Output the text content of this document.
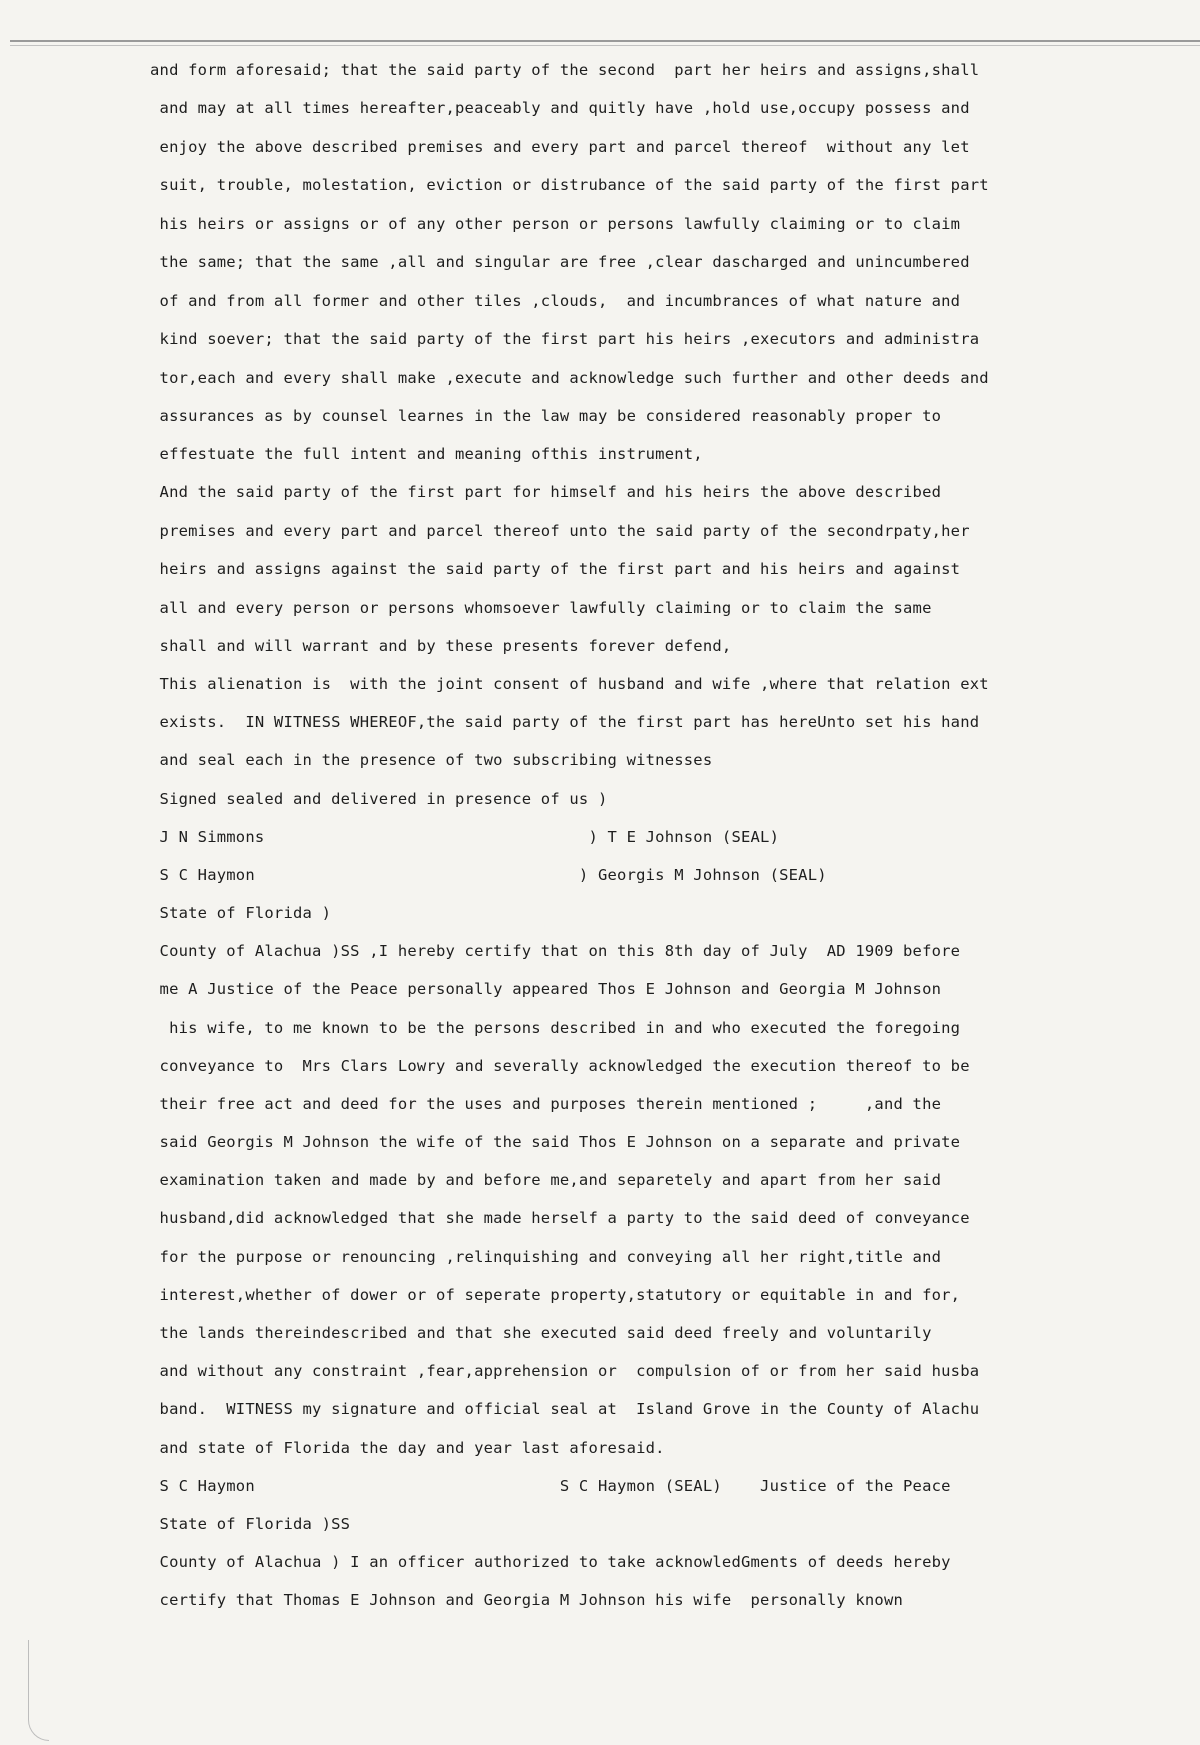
and form aforesaid; that the said party of the second  part her heirs and assigns,shall
and may at all times hereafter,peaceably and quitly have ,hold use,occupy possess and
enjoy the above described premises and every part and parcel thereof  without any let
suit, trouble, molestation, eviction or distrubance of the said party of the first part
his heirs or assigns or of any other person or persons lawfully claiming or to claim
the same; that the same ,all and singular are free ,clear dascharged and unincumbered
of and from all former and other tiles ,clouds,  and incumbrances of what nature and
kind soever; that the said party of the first part his heirs ,executors and administra
tor,each and every shall make ,execute and acknowledge such further and other deeds and
assurances as by counsel learnes in the law may be considered reasonably proper to
effestuate the full intent and meaning ofthis instrument,
And the said party of the first part for himself and his heirs the above described
premises and every part and parcel thereof unto the said party of the secondrpaty,her
heirs and assigns against the said party of the first part and his heirs and against
all and every person or persons whomsoever lawfully claiming or to claim the same
shall and will warrant and by these presents forever defend,
This alienation is  with the joint consent of husband and wife ,where that relation ext
exists.  IN WITNESS WHEREOF,the said party of the first part has hereUnto set his hand
and seal each in the presence of two subscribing witnesses
Signed sealed and delivered in presence of us )
J N Simmons                                  ) T E Johnson (SEAL)
S C Haymon                                  ) Georgis M Johnson (SEAL)
State of Florida )
County of Alachua )SS ,I hereby certify that on this 8th day of July  AD 1909 before
me A Justice of the Peace personally appeared Thos E Johnson and Georgia M Johnson
his wife, to me known to be the persons described in and who executed the foregoing
conveyance to  Mrs Clars Lowry and severally acknowledged the execution thereof to be
their free act and deed for the uses and purposes therein mentioned ;     ,and the
said Georgis M Johnson the wife of the said Thos E Johnson on a separate and private
examination taken and made by and before me,and separetely and apart from her said
husband,did acknowledged that she made herself a party to the said deed of conveyance
for the purpose or renouncing ,relinquishing and conveying all her right,title and
interest,whether of dower or of seperate property,statutory or equitable in and for,
the lands thereindescribed and that she executed said deed freely and voluntarily
and without any constraint ,fear,apprehension or  compulsion of or from her said husba
band.  WITNESS my signature and official seal at  Island Grove in the County of Alachu
and state of Florida the day and year last aforesaid.
S C Haymon                                S C Haymon (SEAL)    Justice of the Peace
State of Florida )SS
County of Alachua ) I an officer authorized to take acknowledGments of deeds hereby
certify that Thomas E Johnson and Georgia M Johnson his wife  personally known
